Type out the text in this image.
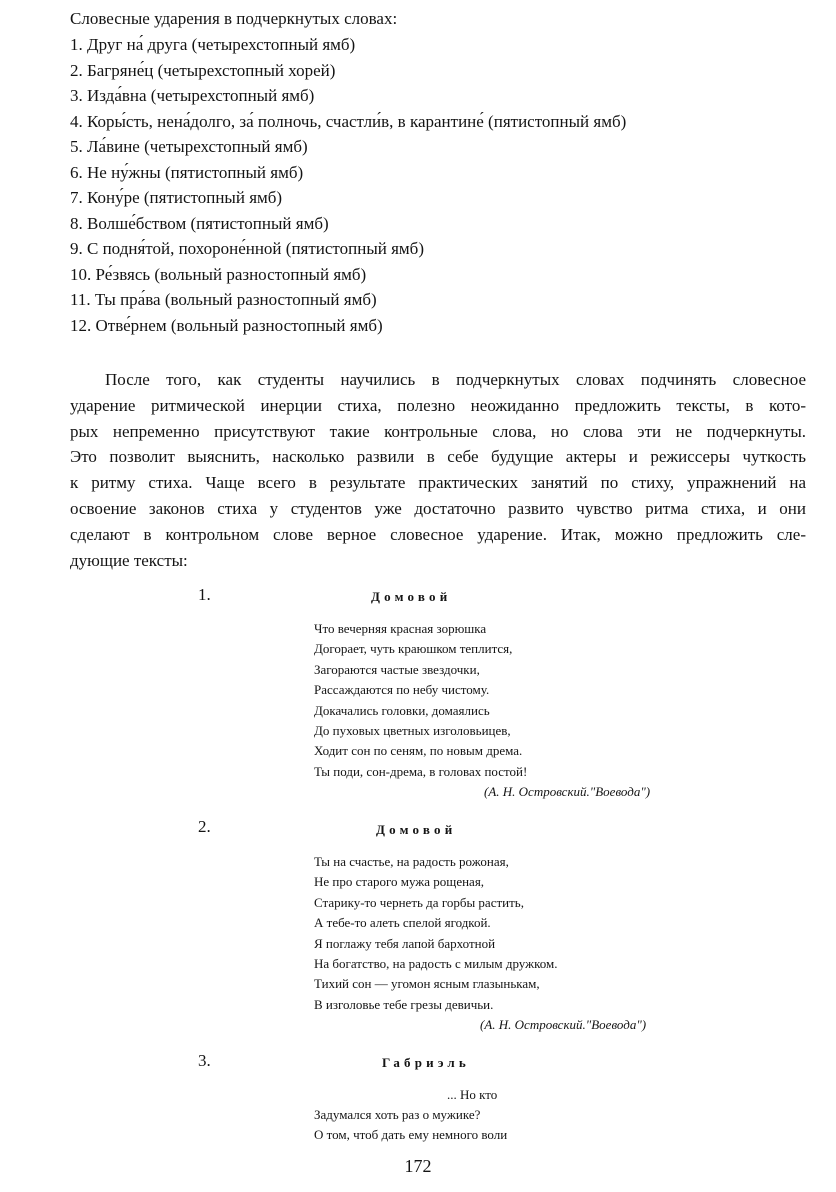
Словесные ударения в подчеркнутых словах:
1. Друг на́ друга (четырехстопный ямб)
2. Багряне́ц (четырехстопный хорей)
3. Изда́вна (четырехстопный ямб)
4. Коры́сть, нена́долго, за́ полночь, счастли́в, в карантине́ (пятистопный ямб)
5. Ла́вине (четырехстопный ямб)
6. Не ну́жны (пятистопный ямб)
7. Кону́ре (пятистопный ямб)
8. Волше́бством (пятистопный ямб)
9. С подня́той, похороне́нной (пятистопный ямб)
10. Ре́звясь (вольный разностопный ямб)
11. Ты пра́ва (вольный разностопный ямб)
12. Отве́рнем (вольный разностопный ямб)
После того, как студенты научились в подчеркнутых словах подчинять словесное
ударение ритмической инерции стиха, полезно неожиданно предложить тексты, в кото-
рых непременно присутствуют такие контрольные слова, но слова эти не подчеркнуты.
Это позволит выяснить, насколько развили в себе будущие актеры и режиссеры чуткость
к ритму стиха. Чаще всего в результате практических занятий по стиху, упражнений на
освоение законов стиха у студентов уже достаточно развито чувство ритма стиха, и они
сделают в контрольном слове верное словесное ударение. Итак, можно предложить сле-
дующие тексты:
1.	Домовой
Что вечерняя красная зорюшка
Догорает, чуть краюшком теплится,
Загораются частые звездочки,
Рассаждаются по небу чистому.
Докачались головки, домаялись
До пуховых цветных изголовьицев,
Ходит сон по сеням, по новым дрема.
Ты поди, сон-дрема, в головах постой!
(А. Н. Островский."Воевода")
2.	Домовой
Ты на счастье, на радость рожоная,
Не про старого мужа рощеная,
Старику-то чернеть да горбы растить,
А тебе-то алеть спелой ягодкой.
Я поглажу тебя лапой бархотной
На богатство, на радость с милым дружком.
Тихий сон — угомон ясным глазынькам,
В изголовье тебе грезы девичьи.
(А. Н. Островский."Воевода")
3.	Габриэль
... Но кто
Задумался хоть раз о мужике?
О том, чтоб дать ему немного воли
172
